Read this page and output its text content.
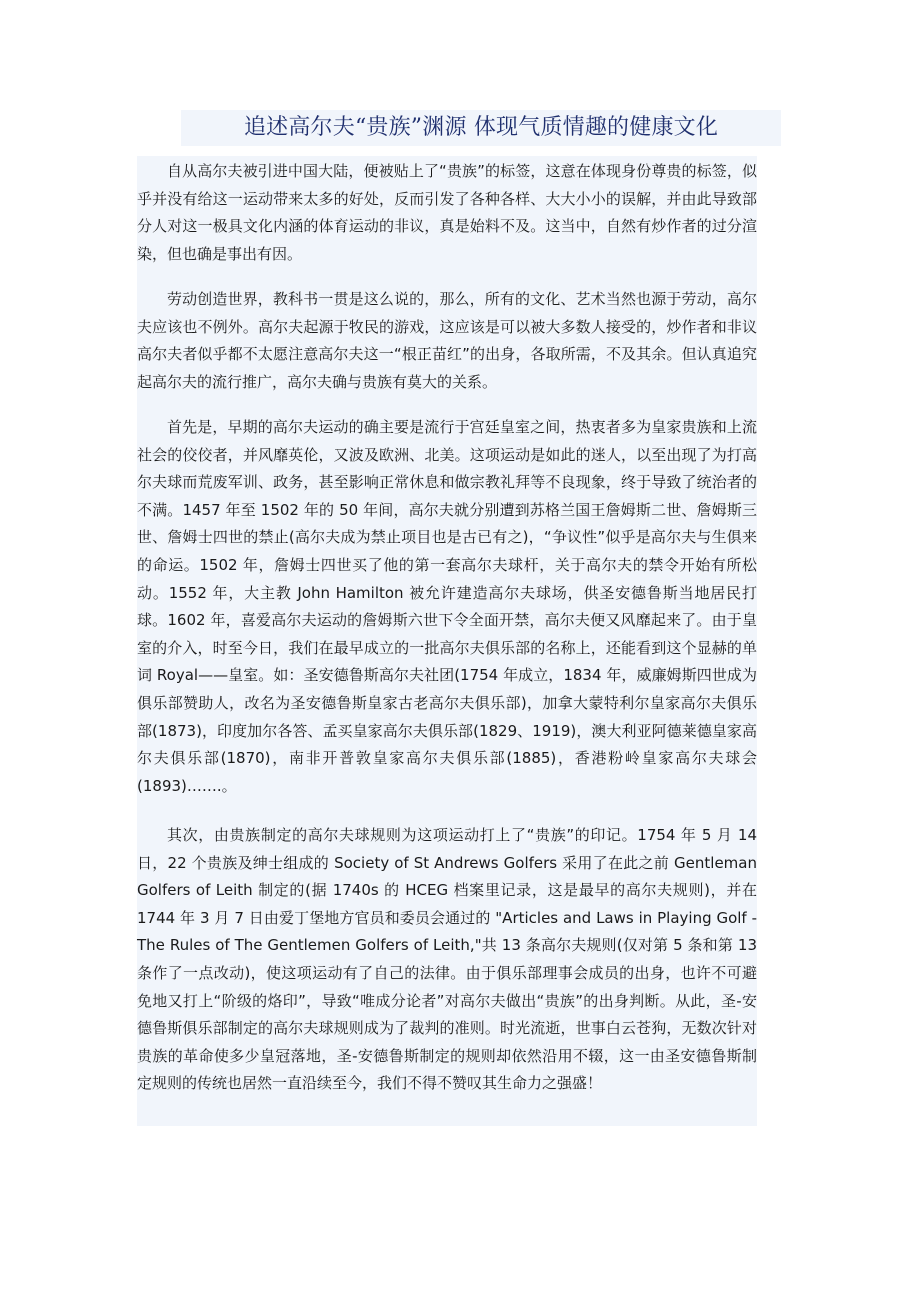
追述高尔夫“贵族”渊源 体现气质情趣的健康文化

自从高尔夫被引进中国大陆，便被贴上了“贵族”的标签，这意在体现身份尊贵的标签，似乎并没有给这一运动带来太多的好处，反而引发了各种各样、大大小小的误解，并由此导致部分人对这一极具文化内涵的体育运动的非议，真是始料不及。这当中，自然有炒作者的过分渲染，但也确是事出有因。

劳动创造世界，教科书一贯是这么说的，那么，所有的文化、艺术当然也源于劳动，高尔夫应该也不例外。高尔夫起源于牧民的游戏，这应该是可以被大多数人接受的，炒作者和非议高尔夫者似乎都不太愿注意高尔夫这一“根正苗红”的出身，各取所需，不及其余。但认真追究起高尔夫的流行推广，高尔夫确与贵族有莫大的关系。

首先是，早期的高尔夫运动的确主要是流行于宫廷皇室之间，热衷者多为皇家贵族和上流社会的佼佼者，并风靡英伦，又波及欧洲、北美。这项运动是如此的迷人，以至出现了为打高尔夫球而荒废军训、政务，甚至影响正常休息和做宗教礼拜等不良现象，终于导致了统治者的不满。1457 年至 1502 年的 50 年间，高尔夫就分别遭到苏格兰国王詹姆斯二世、詹姆斯三世、詹姆士四世的禁止(高尔夫成为禁止项目也是古已有之)，“争议性”似乎是高尔夫与生俱来的命运。1502 年，詹姆士四世买了他的第一套高尔夫球杆，关于高尔夫的禁令开始有所松动。1552 年，大主教 John Hamilton 被允许建造高尔夫球场，供圣安德鲁斯当地居民打球。1602 年，喜爱高尔夫运动的詹姆斯六世下令全面开禁，高尔夫便又风靡起来了。由于皇室的介入，时至今日，我们在最早成立的一批高尔夫俱乐部的名称上，还能看到这个显赫的单词 Royal——皇室。如：圣安德鲁斯高尔夫社团(1754 年成立，1834 年，威廉姆斯四世成为俱乐部赞助人，改名为圣安德鲁斯皇家古老高尔夫俱乐部)，加拿大蒙特利尔皇家高尔夫俱乐部(1873)，印度加尔各答、孟买皇家高尔夫俱乐部(1829、1919)，澳大利亚阿德莱德皇家高尔夫俱乐部(1870)，南非开普敦皇家高尔夫俱乐部(1885)，香港粉岭皇家高尔夫球会(1893)…….。

其次，由贵族制定的高尔夫球规则为这项运动打上了“贵族”的印记。1754 年 5 月 14 日，22 个贵族及绅士组成的 Society of St Andrews Golfers 采用了在此之前 Gentleman Golfers of Leith 制定的(据 1740s 的 HCEG 档案里记录，这是最早的高尔夫规则)，并在 1744 年 3 月 7 日由爱丁堡地方官员和委员会通过的 "Articles and Laws in Playing Golf - The Rules of The Gentlemen Golfers of Leith,"共 13 条高尔夫规则(仅对第 5 条和第 13 条作了一点改动)，使这项运动有了自己的法律。由于俱乐部理事会成员的出身，也许不可避免地又打上“阶级的烙印”，导致“唯成分论者”对高尔夫做出“贵族”的出身判断。从此，圣-安德鲁斯俱乐部制定的高尔夫球规则成为了裁判的准则。时光流逝，世事白云苍狗，无数次针对贵族的革命使多少皇冠落地，圣-安德鲁斯制定的规则却依然沿用不辍，这一由圣安德鲁斯制定规则的传统也居然一直沿续至今，我们不得不赞叹其生命力之强盛！
